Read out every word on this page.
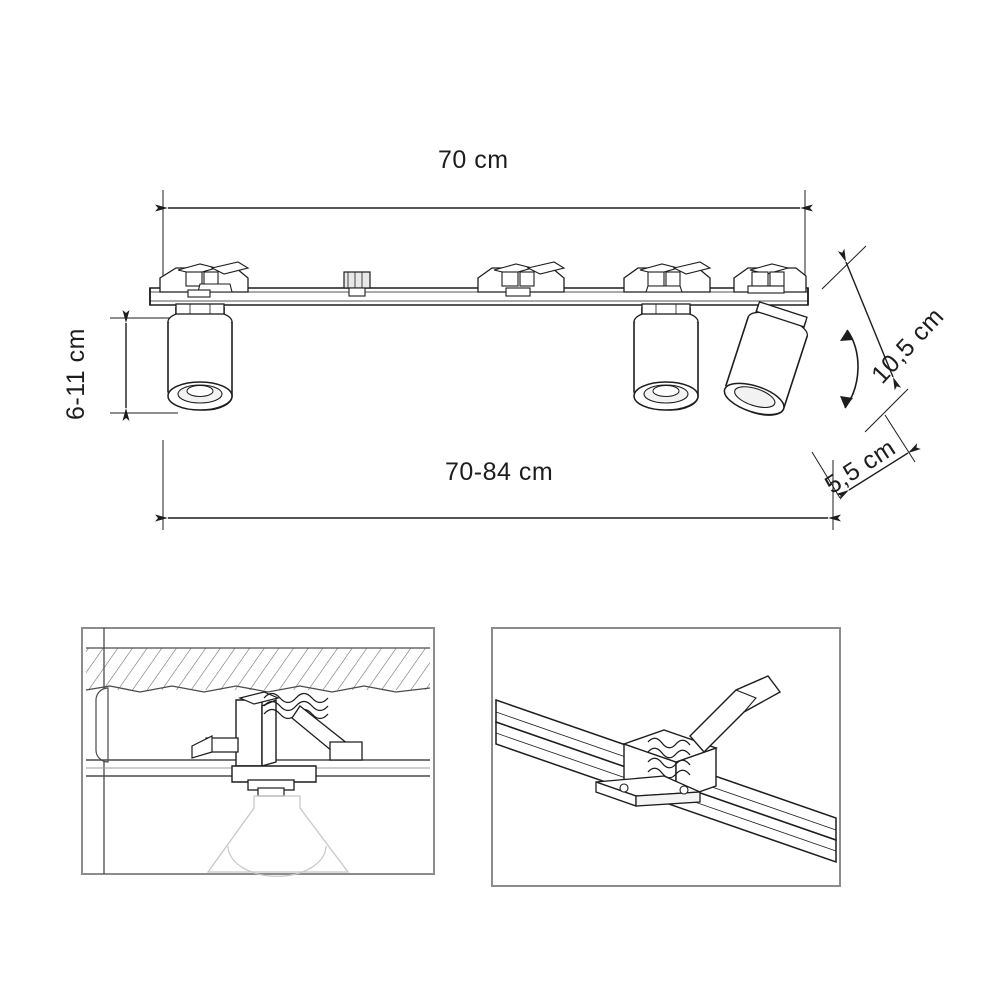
70 cm
70-84 cm
6-11 cm	10,5 cm
5,5 cm
